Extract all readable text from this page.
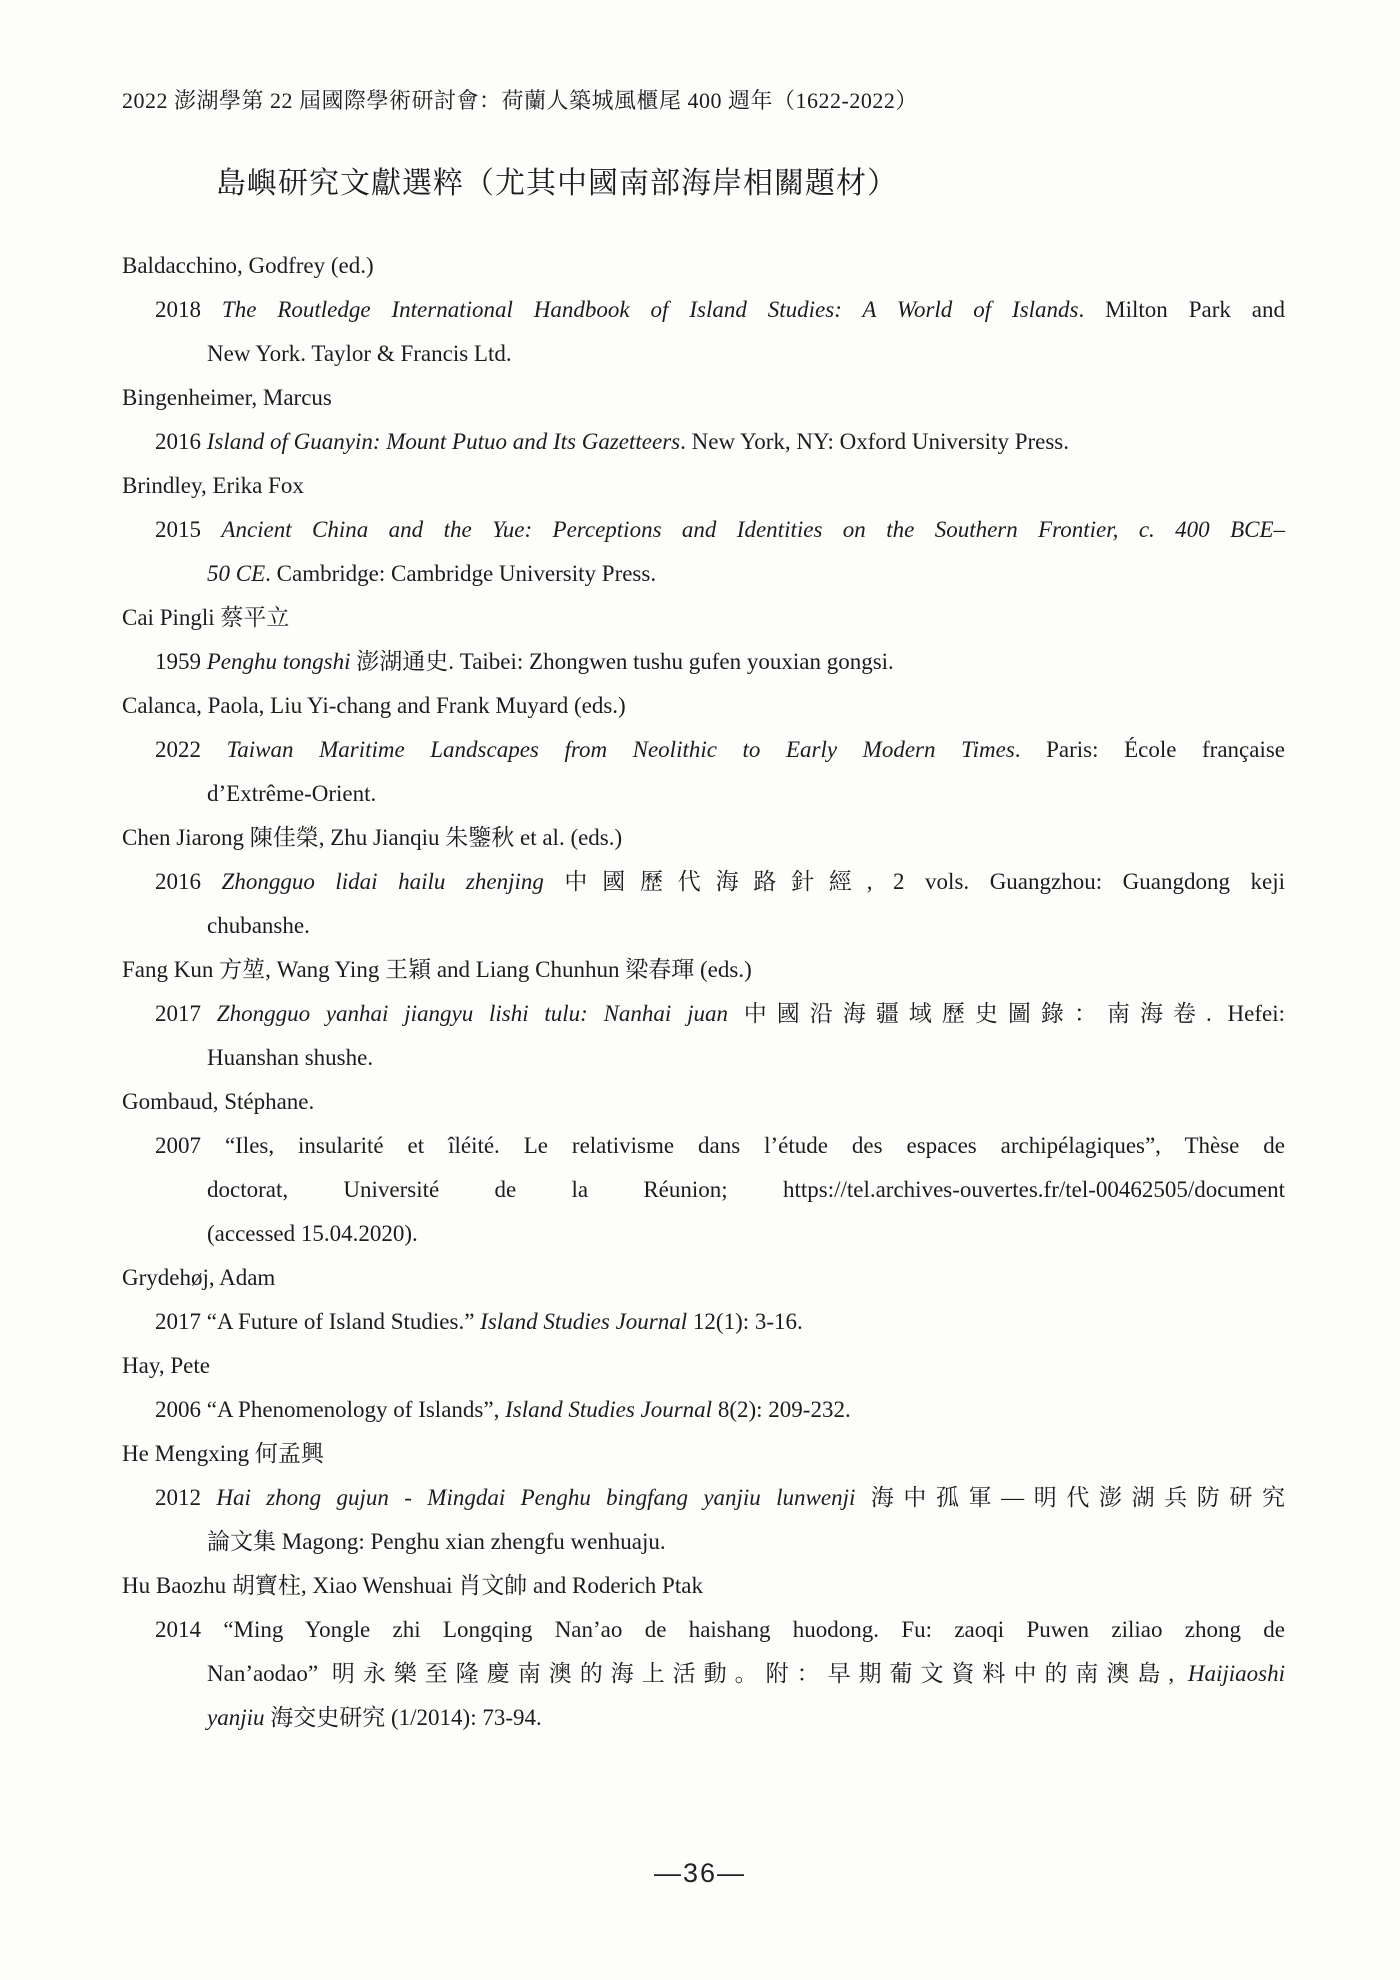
2022 澎湖學第 22 屆國際學術研討會：荷蘭人築城風櫃尾 400 週年（1622-2022）
島嶼研究文獻選粹（尤其中國南部海岸相關題材）
Baldacchino, Godfrey (ed.)
2018 The Routledge International Handbook of Island Studies: A World of Islands. Milton Park and
New York. Taylor & Francis Ltd.
Bingenheimer, Marcus
2016 Island of Guanyin: Mount Putuo and Its Gazetteers. New York, NY: Oxford University Press.
Brindley, Erika Fox
2015 Ancient China and the Yue: Perceptions and Identities on the Southern Frontier, c. 400 BCE–
50 CE. Cambridge: Cambridge University Press.
Cai Pingli 蔡平立
1959 Penghu tongshi 澎湖通史. Taibei: Zhongwen tushu gufen youxian gongsi.
Calanca, Paola, Liu Yi-chang and Frank Muyard (eds.)
2022 Taiwan Maritime Landscapes from Neolithic to Early Modern Times. Paris: École française
d’Extrême-Orient.
Chen Jiarong 陳佳榮, Zhu Jianqiu 朱鑒秋 et al. (eds.)
2016 Zhongguo lidai hailu zhenjing 中國歷代海路針經, 2 vols. Guangzhou: Guangdong keji
chubanshe.
Fang Kun 方堃, Wang Ying 王穎 and Liang Chunhun 梁春琿 (eds.)
2017 Zhongguo yanhai jiangyu lishi tulu: Nanhai juan 中國沿海疆域歷史圖錄：南海卷. Hefei:
Huanshan shushe.
Gombaud, Stéphane.
2007 “Iles, insularité et îléité. Le relativisme dans l’étude des espaces archipélagiques”, Thèse de
doctorat, Université de la Réunion; https://tel.archives-ouvertes.fr/tel-00462505/document
(accessed 15.04.2020).
Grydehøj, Adam
2017 “A Future of Island Studies.” Island Studies Journal 12(1): 3-16.
Hay, Pete
2006 “A Phenomenology of Islands”, Island Studies Journal 8(2): 209-232.
He Mengxing 何孟興
2012 Hai zhong gujun - Mingdai Penghu bingfang yanjiu lunwenji 海中孤軍—明代澎湖兵防研究
論文集 Magong: Penghu xian zhengfu wenhuaju.
Hu Baozhu 胡寶柱, Xiao Wenshuai 肖文帥 and Roderich Ptak
2014 “Ming Yongle zhi Longqing Nan’ao de haishang huodong. Fu: zaoqi Puwen ziliao zhong de
Nan’aodao” 明永樂至隆慶南澳的海上活動。附：早期葡文資料中的南澳島, Haijiaoshi
yanjiu 海交史研究 (1/2014): 73-94.
—36—
